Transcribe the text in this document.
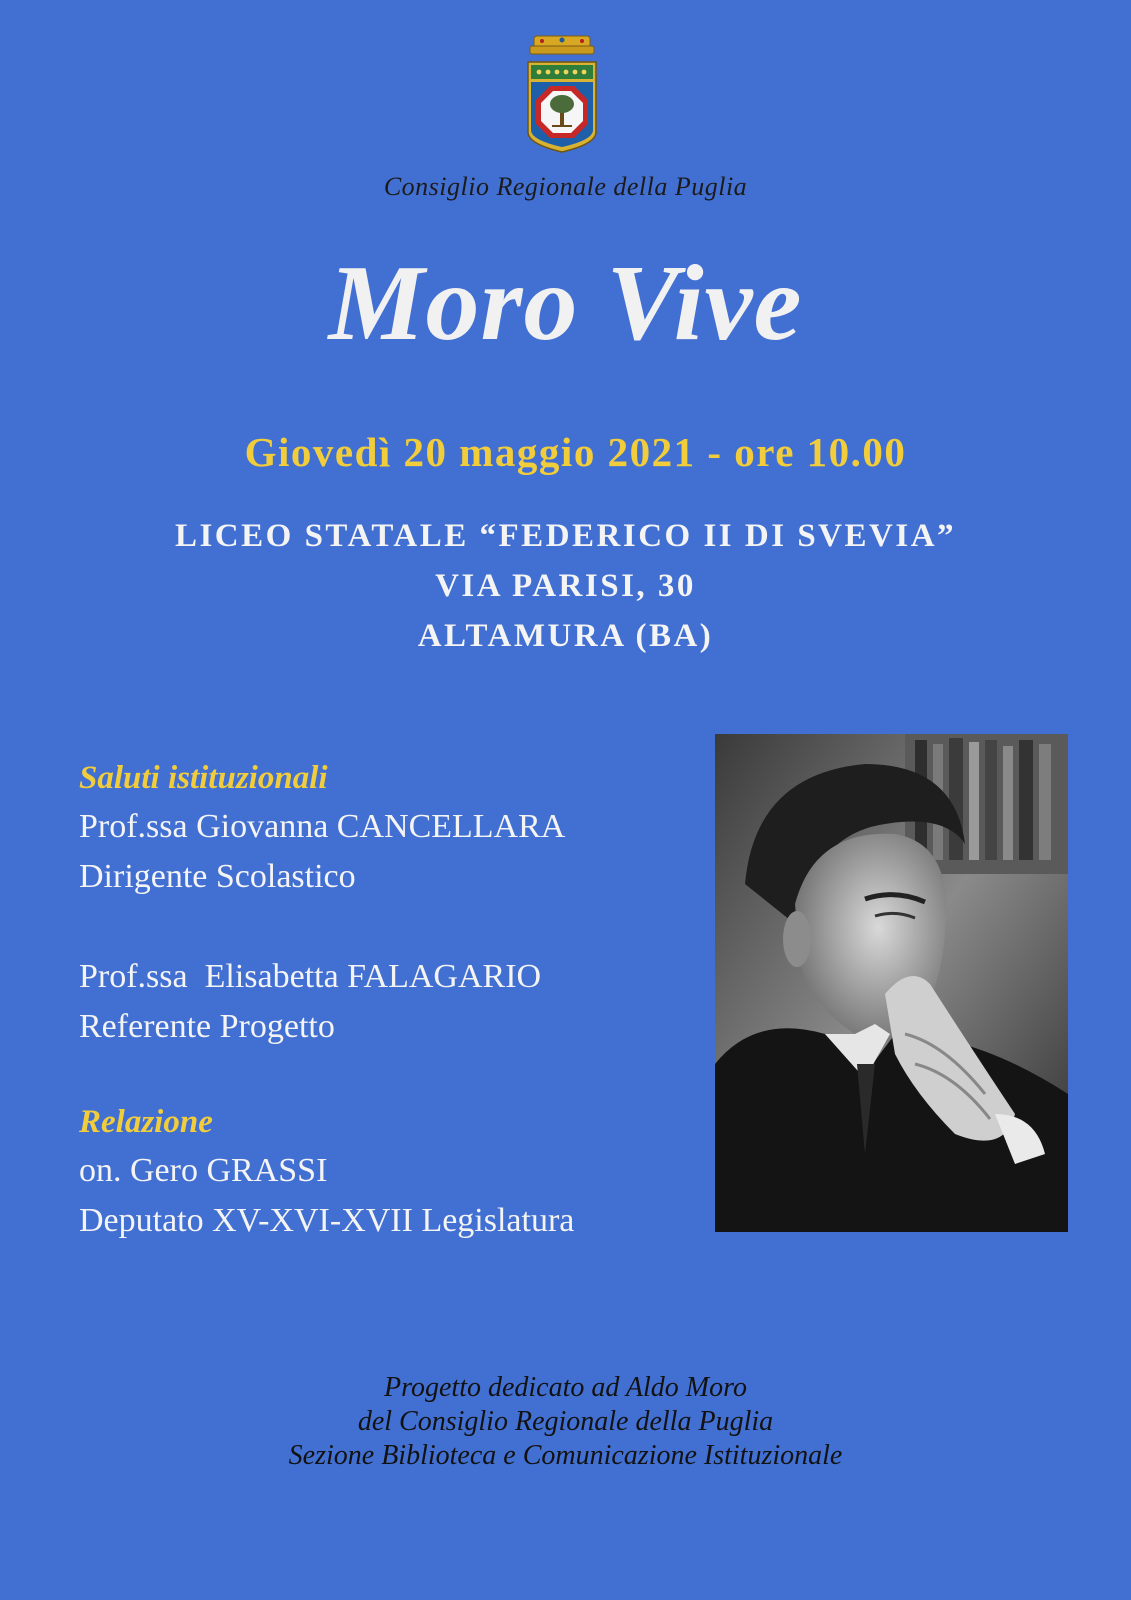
Consiglio Regionale della Puglia
Moro Vive
Giovedì 20 maggio 2021 - ore 10.00
LICEO STATALE “FEDERICO II DI SVEVIA”
VIA PARISI, 30
ALTAMURA (BA)
Saluti istituzionali
Prof.ssa Giovanna CANCELLARA
Dirigente Scolastico
Prof.ssa  Elisabetta FALAGARIO
Referente Progetto
Relazione
on. Gero GRASSI
Deputato XV-XVI-XVII Legislatura
Progetto dedicato ad Aldo Moro
del Consiglio Regionale della Puglia
Sezione Biblioteca e Comunicazione Istituzionale
